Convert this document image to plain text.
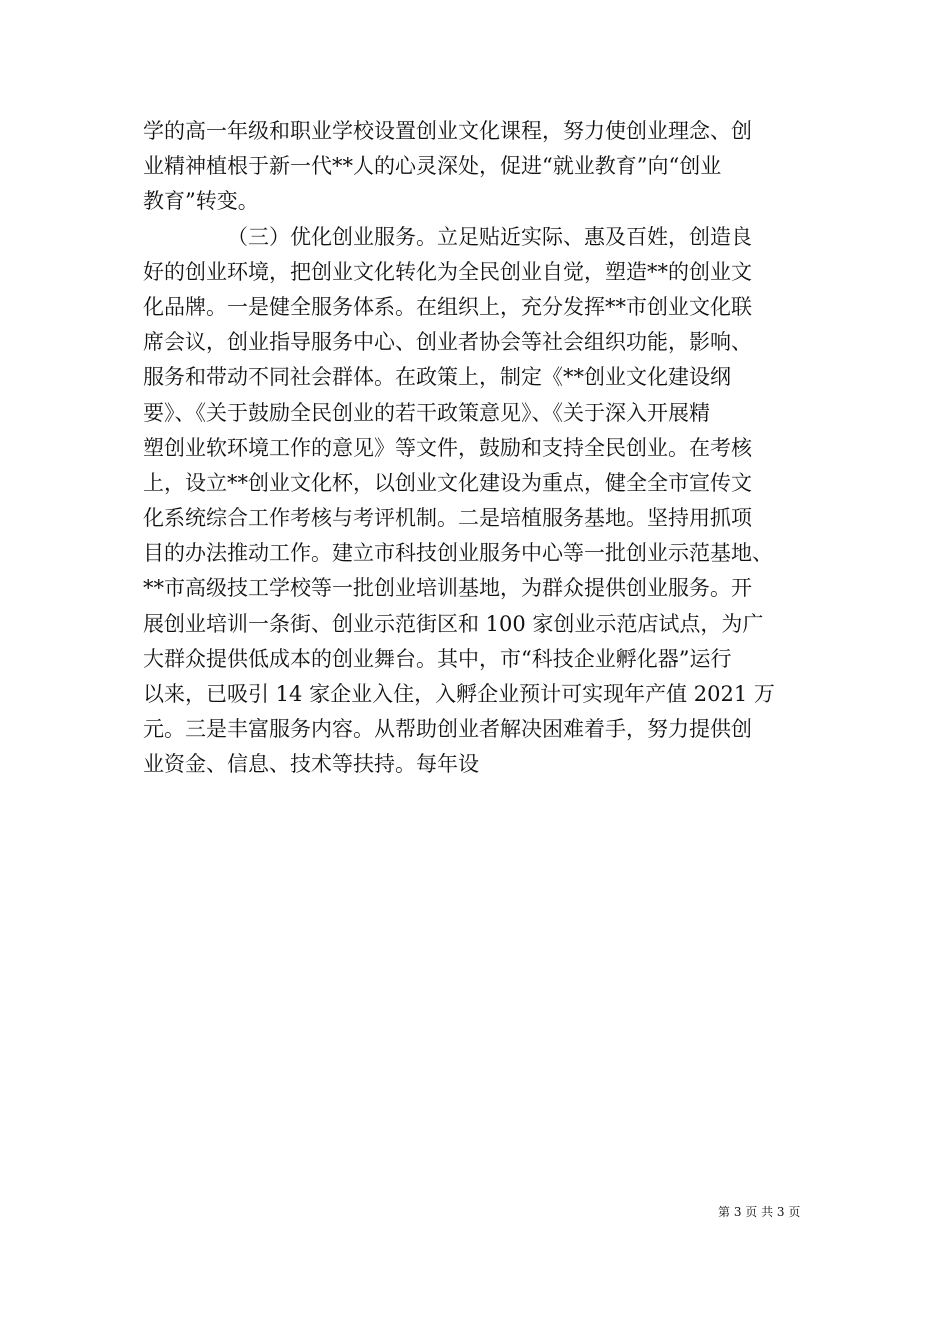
学的高一年级和职业学校设置创业文化课程，努力使创业理念、创
业精神植根于新一代**人的心灵深处，促进“就业教育”向“创业
教育”转变。
（三）优化创业服务。立足贴近实际、惠及百姓，创造良
好的创业环境，把创业文化转化为全民创业自觉，塑造**的创业文
化品牌。一是健全服务体系。在组织上，充分发挥**市创业文化联
席会议，创业指导服务中心、创业者协会等社会组织功能，影响、
服务和带动不同社会群体。在政策上，制定《**创业文化建设纲
要》、《关于鼓励全民创业的若干政策意见》、《关于深入开展精
塑创业软环境工作的意见》等文件，鼓励和支持全民创业。在考核
上，设立**创业文化杯，以创业文化建设为重点，健全全市宣传文
化系统综合工作考核与考评机制。二是培植服务基地。坚持用抓项
目的办法推动工作。建立市科技创业服务中心等一批创业示范基地、
**市高级技工学校等一批创业培训基地，为群众提供创业服务。开
展创业培训一条街、创业示范街区和 100 家创业示范店试点，为广
大群众提供低成本的创业舞台。其中，市“科技企业孵化器”运行
以来，已吸引 14 家企业入住，入孵企业预计可实现年产值 2021 万
元。三是丰富服务内容。从帮助创业者解决困难着手，努力提供创
业资金、信息、技术等扶持。每年设
第 3 页 共 3 页
